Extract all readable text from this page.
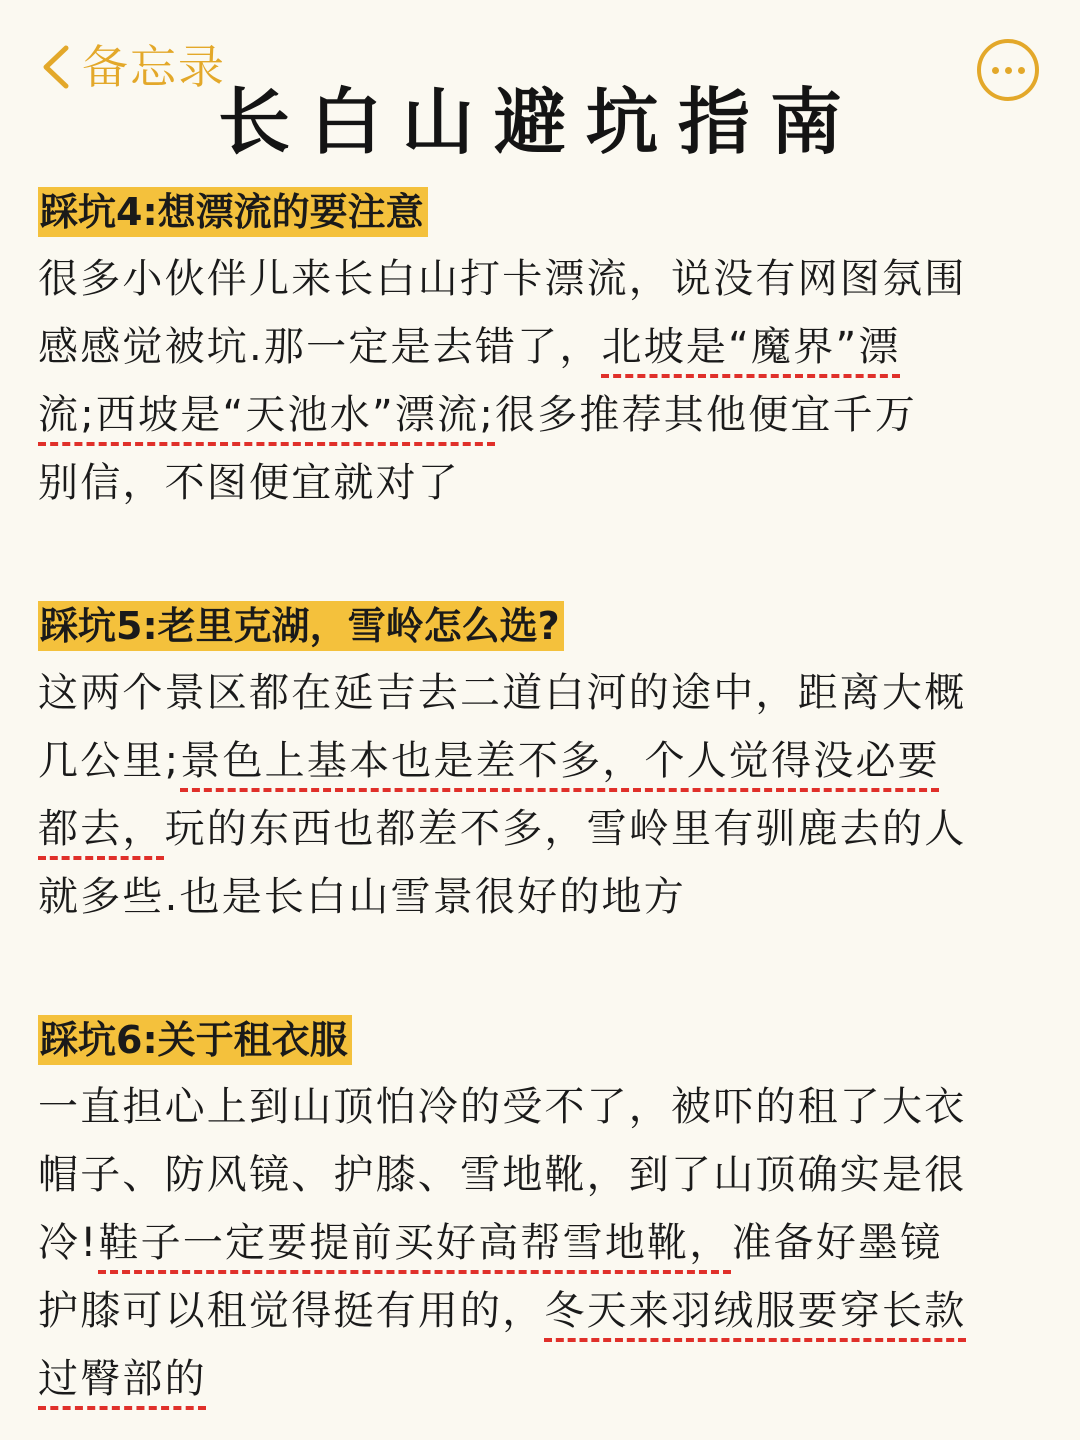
备忘录
长白山避坑指南
踩坑4:想漂流的要注意
很多小伙伴儿来长白山打卡漂流，说没有网图氛围
感感觉被坑.那一定是去错了，北坡是“魔界”漂
流;西坡是“天池水”漂流;很多推荐其他便宜千万
别信，不图便宜就对了
踩坑5:老里克湖，雪岭怎么选?
这两个景区都在延吉去二道白河的途中，距离大概
几公里;景色上基本也是差不多，个人觉得没必要
都去，玩的东西也都差不多，雪岭里有驯鹿去的人
就多些.也是长白山雪景很好的地方
踩坑6:关于租衣服
一直担心上到山顶怕冷的受不了，被吓的租了大衣
帽子、防风镜、护膝、雪地靴，到了山顶确实是很
冷!鞋子一定要提前买好高帮雪地靴，准备好墨镜
护膝可以租觉得挺有用的，冬天来羽绒服要穿长款
过臀部的
